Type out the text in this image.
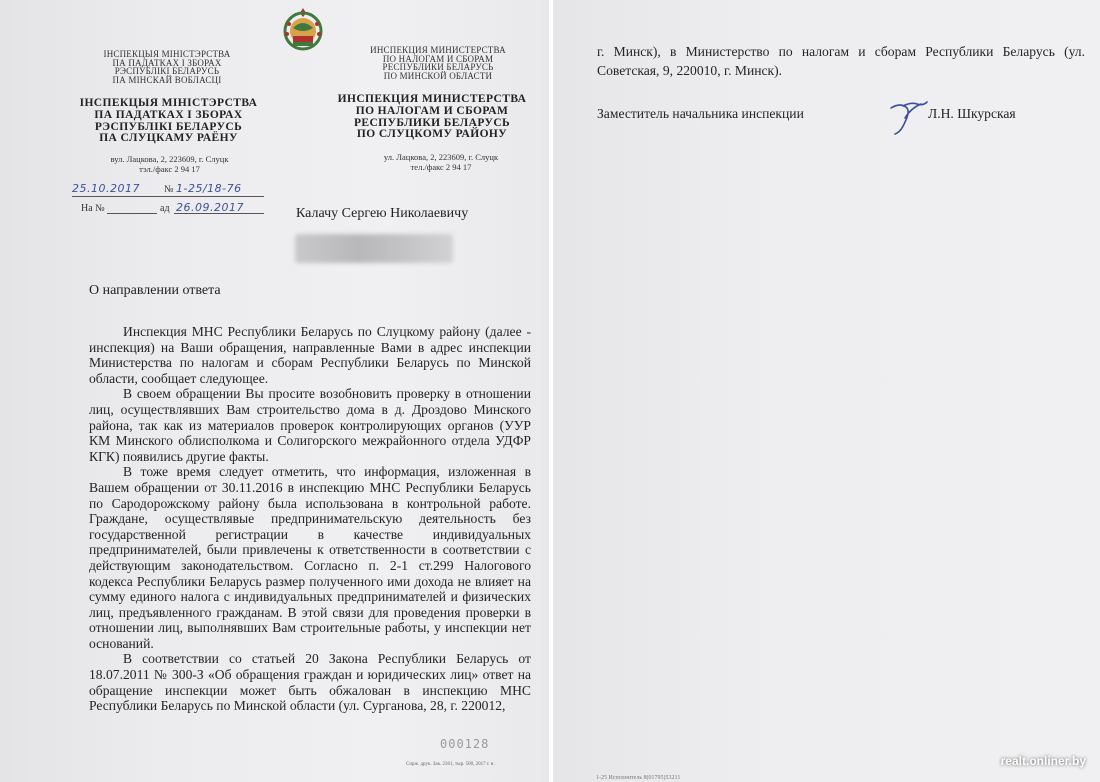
ІНСПЕКЦЫЯ МІНІСТЭРСТВА
ПА ПАДАТКАХ І ЗБОРАХ
РЭСПУБЛІКІ БЕЛАРУСЬ
ПА МІНСКАЙ ВОБЛАСЦІ
ІНСПЕКЦЫЯ МІНІСТЭРСТВА
ПА ПАДАТКАХ І ЗБОРАХ
РЭСПУБЛІКІ БЕЛАРУСЬ
ПА СЛУЦКАМУ РАЁНУ
вул. Лацкова, 2, 223609, г. Слуцк
тэл./факс 2 94 17
ИНСПЕКЦИЯ МИНИСТЕРСТВА
ПО НАЛОГАМ И СБОРАМ
РЕСПУБЛИКИ БЕЛАРУСЬ
ПО МИНСКОЙ ОБЛАСТИ
ИНСПЕКЦИЯ МИНИСТЕРСТВА
ПО НАЛОГАМ И СБОРАМ
РЕСПУБЛИКИ БЕЛАРУСЬ
ПО СЛУЦКОМУ РАЙОНУ
ул. Лацкова, 2, 223609, г. Слуцк
тел./факс 2 94 17
25.10.2017 № 1-25/18-76
На №	ад 26.09.2017	Калачу Сергею Николаевичу
О направлении ответа

Инспекция МНС Республики Беларусь по Слуцкому району (далее - инспекция) на Ваши обращения, направленные Вами в адрес инспекции Министерства по налогам и сборам Республики Беларусь по Минской области, сообщает следующее.

В своем обращении Вы просите возобновить проверку в отношении лиц, осуществлявших Вам строительство дома в д. Дроздово Минского района, так как из материалов проверок контролирующих органов (УУР КМ Минского облисполкома и Солигорского межрайонного отдела УДФР КГК) появились другие факты.

В тоже время следует отметить, что информация, изложенная в Вашем обращении от 30.11.2016 в инспекцию МНС Республики Беларусь по Сародорожскому району была использована в контрольной работе. Граждане, осуществлявые предпринимательскую деятельность без государственной регистрации в качестве индивидуальных предпринимателей, были привлечены к ответственности в соответствии с действующим законодательством. Согласно п. 2-1 ст.299 Налогового кодекса Республики Беларусь размер полученного ими дохода не влияет на сумму единого налога с индивидуальных предпринимателей и физических лиц, предъявленного гражданам. В этой связи для проведения проверки в отношении лиц, выполнявших Вам строительные работы, у инспекции нет оснований.

В соответствии со статьей 20 Закона Республики Беларусь от 18.07.2011 № 300-З «Об обращения граждан и юридических лиц» ответ на обращение инспекции может быть обжалован в инспекцию МНС Республики Беларусь по Минской области (ул. Сурганова, 28, г. 220012,

000128
Спрж. друк. Зак. 2361, тыр. 500, 2017 г. н.

г. Минск), в Министерство по налогам и сборам Республики Беларусь (ул. Советская, 9, 220010, г. Минск).

Заместитель начальника инспекции	Л.Н. Шкурская
1-25 Исполнитель 8(01795)53211
realt.onliner.by
